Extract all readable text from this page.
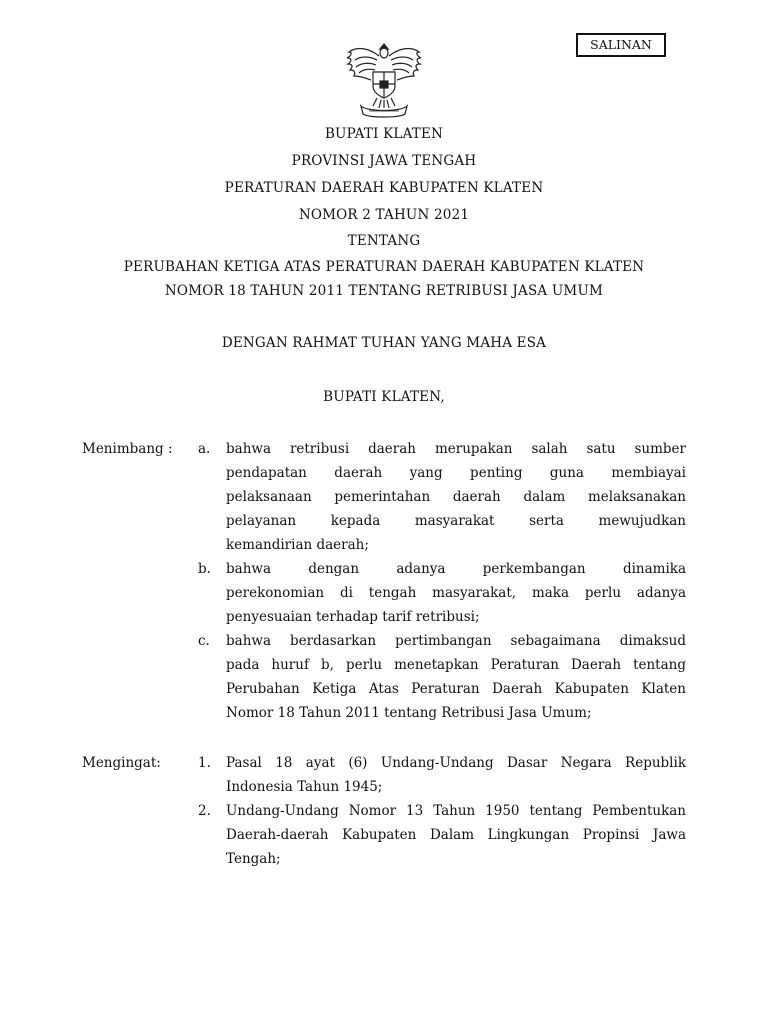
SALINAN
BUPATI KLATEN
PROVINSI JAWA TENGAH
PERATURAN DAERAH KABUPATEN KLATEN
NOMOR 2 TAHUN 2021
TENTANG
PERUBAHAN KETIGA ATAS PERATURAN DAERAH KABUPATEN KLATEN
NOMOR 18 TAHUN 2011 TENTANG RETRIBUSI JASA UMUM
DENGAN RAHMAT TUHAN YANG MAHA ESA
BUPATI KLATEN,
Menimbang : a. bahwa retribusi daerah merupakan salah satu sumber
pendapatan daerah yang penting guna membiayai
pelaksanaan pemerintahan daerah dalam melaksanakan
pelayanan kepada masyarakat serta mewujudkan
kemandirian daerah;
b. bahwa dengan adanya perkembangan dinamika
perekonomian di tengah masyarakat, maka perlu adanya
penyesuaian terhadap tarif retribusi;
c. bahwa berdasarkan pertimbangan sebagaimana dimaksud
pada huruf b, perlu menetapkan Peraturan Daerah tentang
Perubahan Ketiga Atas Peraturan Daerah Kabupaten Klaten
Nomor 18 Tahun 2011 tentang Retribusi Jasa Umum;
Mengingat:	1. Pasal 18 ayat (6) Undang-Undang Dasar Negara Republik
Indonesia Tahun 1945;
2. Undang-Undang Nomor 13 Tahun 1950 tentang Pembentukan
Daerah-daerah Kabupaten Dalam Lingkungan Propinsi Jawa
Tengah;
